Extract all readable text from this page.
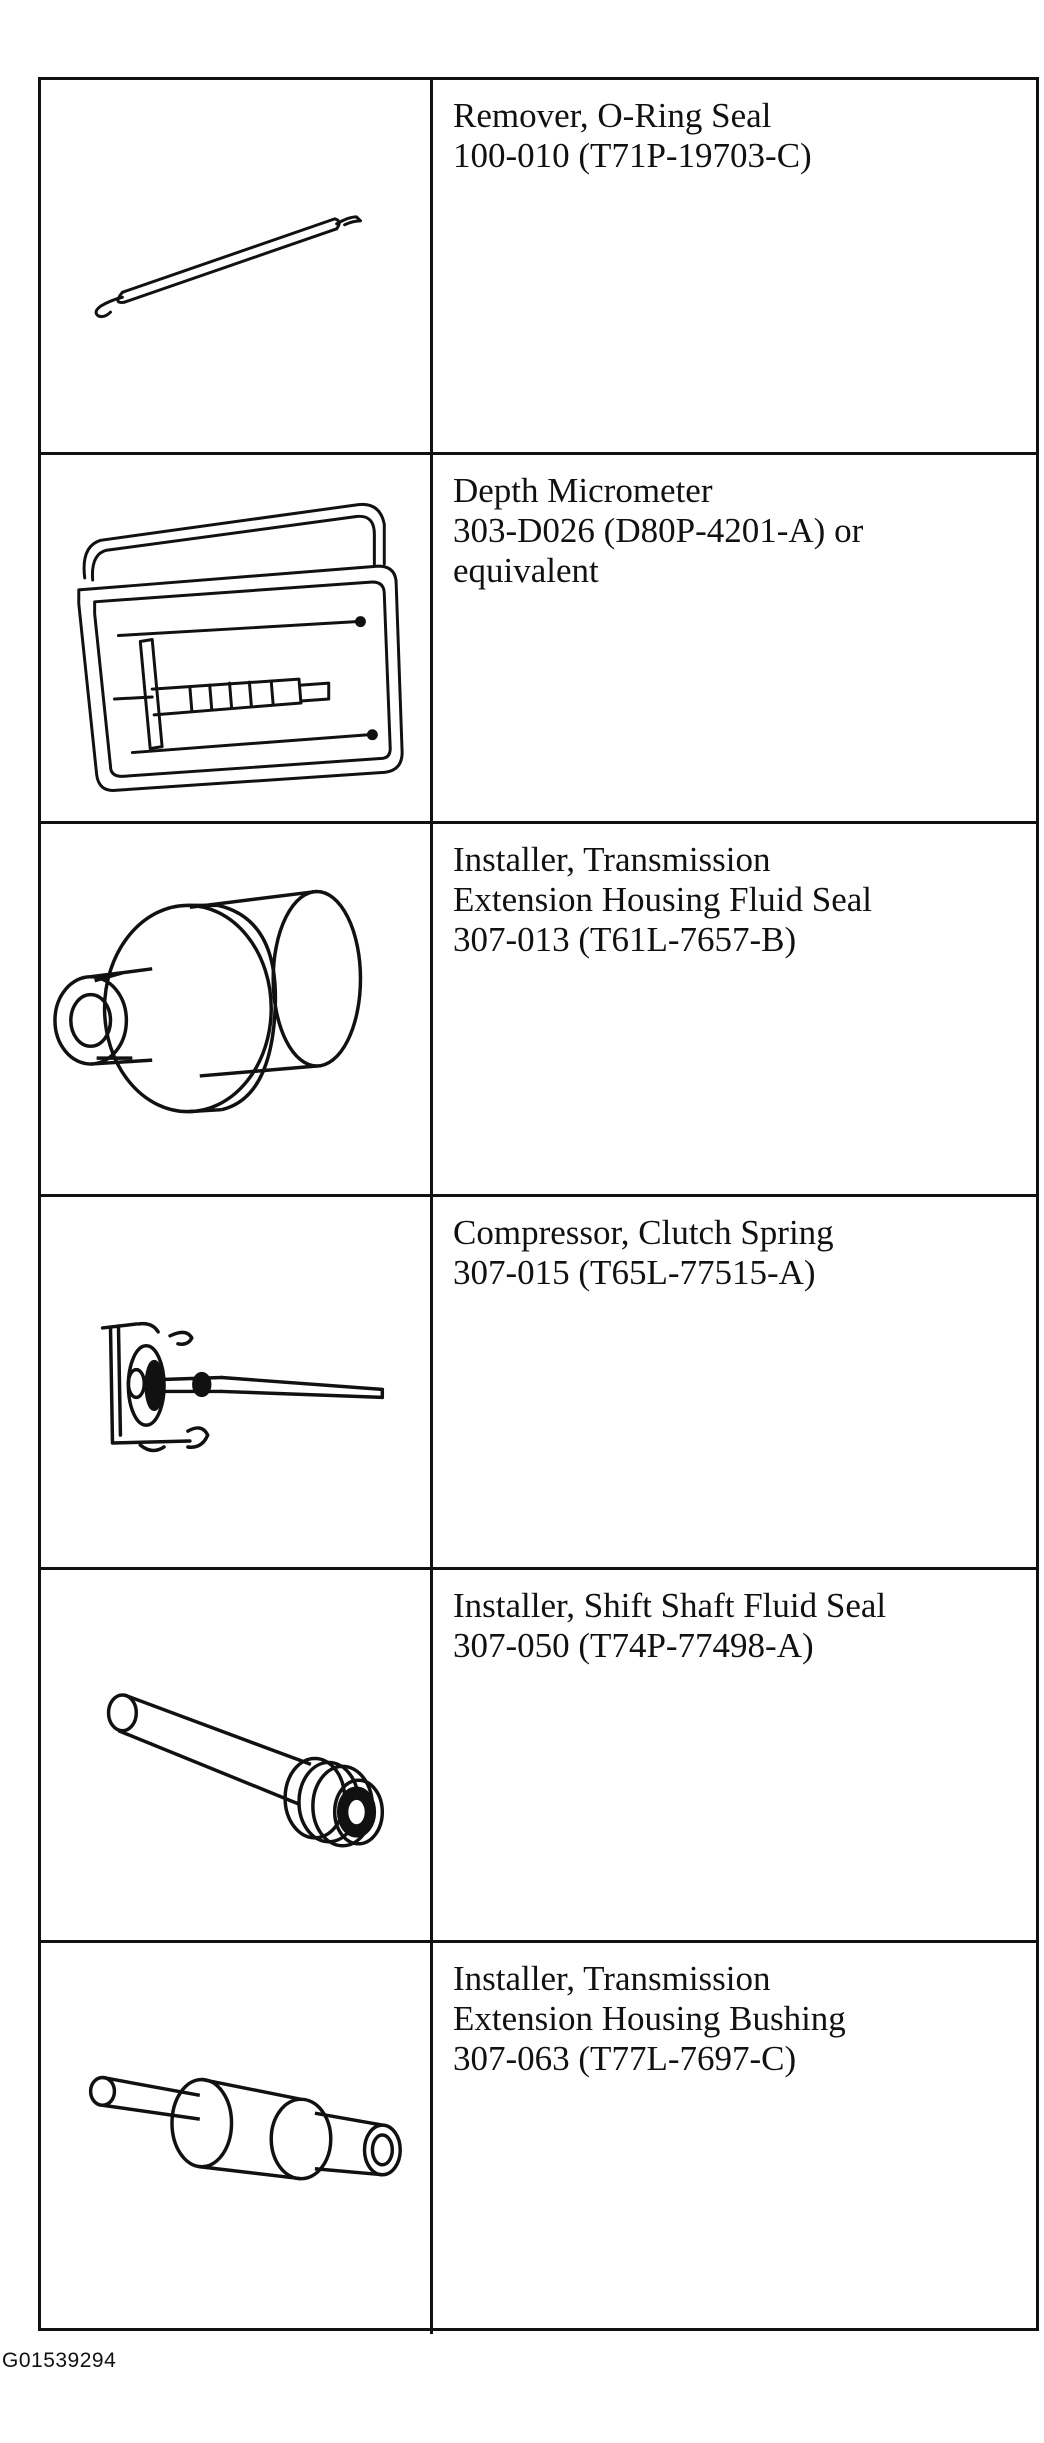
Remover, O-Ring Seal
100-010 (T71P-19703-C)
Depth Micrometer
303-D026 (D80P-4201-A) or
equivalent
Installer, Transmission
Extension Housing Fluid Seal
307-013 (T61L-7657-B)
Compressor, Clutch Spring
307-015 (T65L-77515-A)
Installer, Shift Shaft Fluid Seal
307-050 (T74P-77498-A)
Installer, Transmission
Extension Housing Bushing
307-063 (T77L-7697-C)
G01539294
